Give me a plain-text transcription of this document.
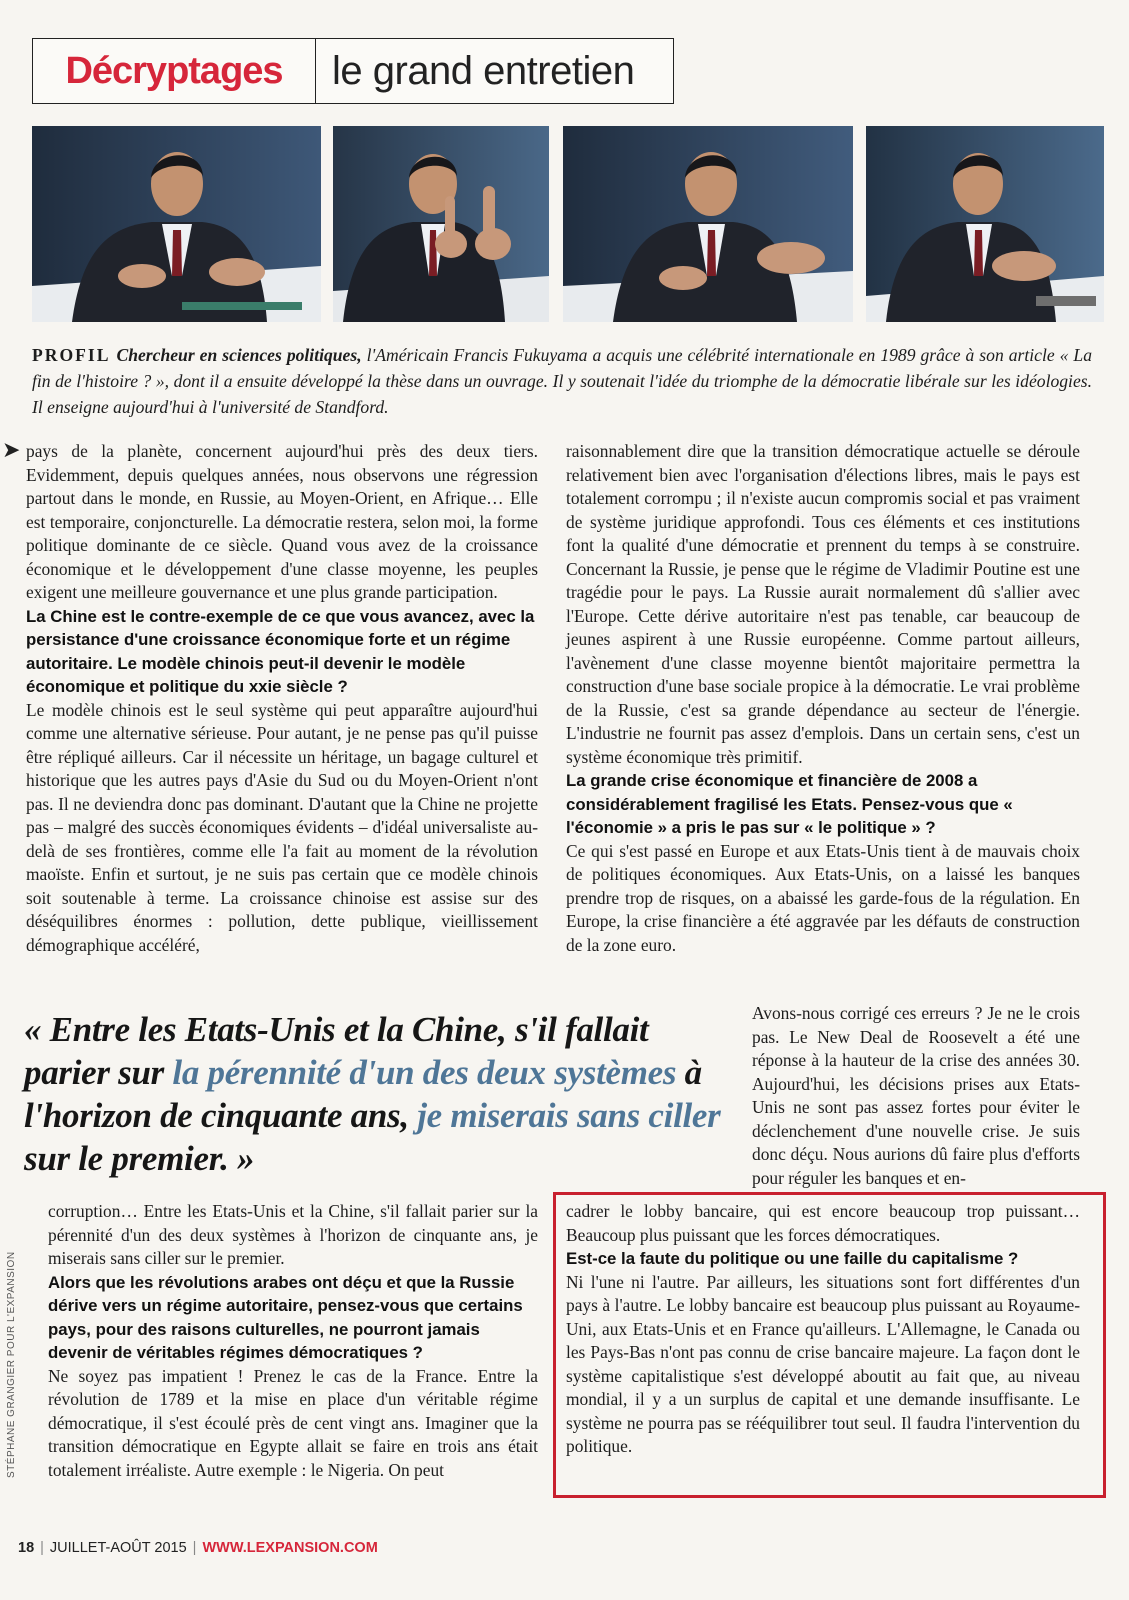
Décryptages	le grand entretien
PROFIL Chercheur en sciences politiques, l'Américain Francis Fukuyama a acquis une célébrité internationale en 1989 grâce à son article « La fin de l'histoire ? », dont il a ensuite développé la thèse dans un ouvrage. Il y soutenait l'idée du triomphe de la démocratie libérale sur les idéologies. Il enseigne aujourd'hui à l'université de Standford.
➤ pays de la planète, concernent aujourd'hui près des deux tiers. Evidemment, depuis quelques années, nous observons une régression partout dans le monde, en Russie, au Moyen-Orient, en Afrique… Elle est temporaire, conjoncturelle. La démocratie restera, selon moi, la forme politique dominante de ce siècle. Quand vous avez de la croissance économique et le développement d'une classe moyenne, les peuples exigent une meilleure gouvernance et une plus grande participation.

La Chine est le contre-exemple de ce que vous avancez, avec la persistance d'une croissance économique forte et un régime autoritaire. Le modèle chinois peut-il devenir le modèle économique et politique du xxie siècle ?

Le modèle chinois est le seul système qui peut apparaître aujourd'hui comme une alternative sérieuse. Pour autant, je ne pense pas qu'il puisse être répliqué ailleurs. Car il nécessite un héritage, un bagage culturel et historique que les autres pays d'Asie du Sud ou du Moyen-Orient n'ont pas. Il ne deviendra donc pas dominant. D'autant que la Chine ne projette pas – malgré des succès économiques évidents – d'idéal universaliste au-delà de ses frontières, comme elle l'a fait au moment de la révolution maoïste. Enfin et surtout, je ne suis pas certain que ce modèle chinois soit soutenable à terme. La croissance chinoise est assise sur des déséquilibres énormes : pollution, dette publique, vieillissement démographique accéléré,

raisonnablement dire que la transition démocratique actuelle se déroule relativement bien avec l'organisation d'élections libres, mais le pays est totalement corrompu ; il n'existe aucun compromis social et pas vraiment de système juridique approfondi. Tous ces éléments et ces institutions font la qualité d'une démocratie et prennent du temps à se construire. Concernant la Russie, je pense que le régime de Vladimir Poutine est une tragédie pour le pays. La Russie aurait normalement dû s'allier avec l'Europe. Cette dérive autoritaire n'est pas tenable, car beaucoup de jeunes aspirent à une Russie européenne. Comme partout ailleurs, l'avènement d'une classe moyenne bientôt majoritaire permettra la construction d'une base sociale propice à la démocratie. Le vrai problème de la Russie, c'est sa grande dépendance au secteur de l'énergie. L'industrie ne fournit pas assez d'emplois. Dans un certain sens, c'est un système économique très primitif.

La grande crise économique et financière de 2008 a considérablement fragilisé les Etats. Pensez-vous que « l'économie » a pris le pas sur « le politique » ?

Ce qui s'est passé en Europe et aux Etats-Unis tient à de mauvais choix de politiques économiques. Aux Etats-Unis, on a laissé les banques prendre trop de risques, on a abaissé les garde-fous de la régulation. En Europe, la crise financière a été aggravée par les défauts de construction de la zone euro.

Avons-nous corrigé ces erreurs ? Je ne le crois pas. Le New Deal de Roosevelt a été une réponse à la hauteur de la crise des années 30. Aujourd'hui, les décisions prises aux Etats-Unis ne sont pas assez fortes pour éviter le déclenchement d'une nouvelle crise. Je suis donc déçu. Nous aurions dû faire plus d'efforts pour réguler les banques et en-

« Entre les Etats-Unis et la Chine, s'il fallait parier sur la pérennité d'un des deux systèmes à l'horizon de cinquante ans, je miserais sans ciller sur le premier. »

corruption… Entre les Etats-Unis et la Chine, s'il fallait parier sur la pérennité d'un des deux systèmes à l'horizon de cinquante ans, je miserais sans ciller sur le premier.

Alors que les révolutions arabes ont déçu et que la Russie dérive vers un régime autoritaire, pensez-vous que certains pays, pour des raisons culturelles, ne pourront jamais devenir de véritables régimes démocratiques ?

Ne soyez pas impatient ! Prenez le cas de la France. Entre la révolution de 1789 et la mise en place d'un véritable régime démocratique, il s'est écoulé près de cent vingt ans. Imaginer que la transition démocratique en Egypte allait se faire en trois ans était totalement irréaliste. Autre exemple : le Nigeria. On peut

cadrer le lobby bancaire, qui est encore beaucoup trop puissant… Beaucoup plus puissant que les forces démocratiques.

Est-ce la faute du politique ou une faille du capitalisme ?

Ni l'une ni l'autre. Par ailleurs, les situations sont fort différentes d'un pays à l'autre. Le lobby bancaire est beaucoup plus puissant au Royaume-Uni, aux Etats-Unis et en France qu'ailleurs. L'Allemagne, le Canada ou les Pays-Bas n'ont pas connu de crise bancaire majeure. La façon dont le système capitalistique s'est développé aboutit au fait que, au niveau mondial, il y a un surplus de capital et une demande insuffisante. Le système ne pourra pas se rééquilibrer tout seul. Il faudra l'intervention du politique.

STÉPHANE GRANGIER POUR L'EXPANSION
18 | JUILLET-AOÛT 2015 | WWW.LEXPANSION.COM
